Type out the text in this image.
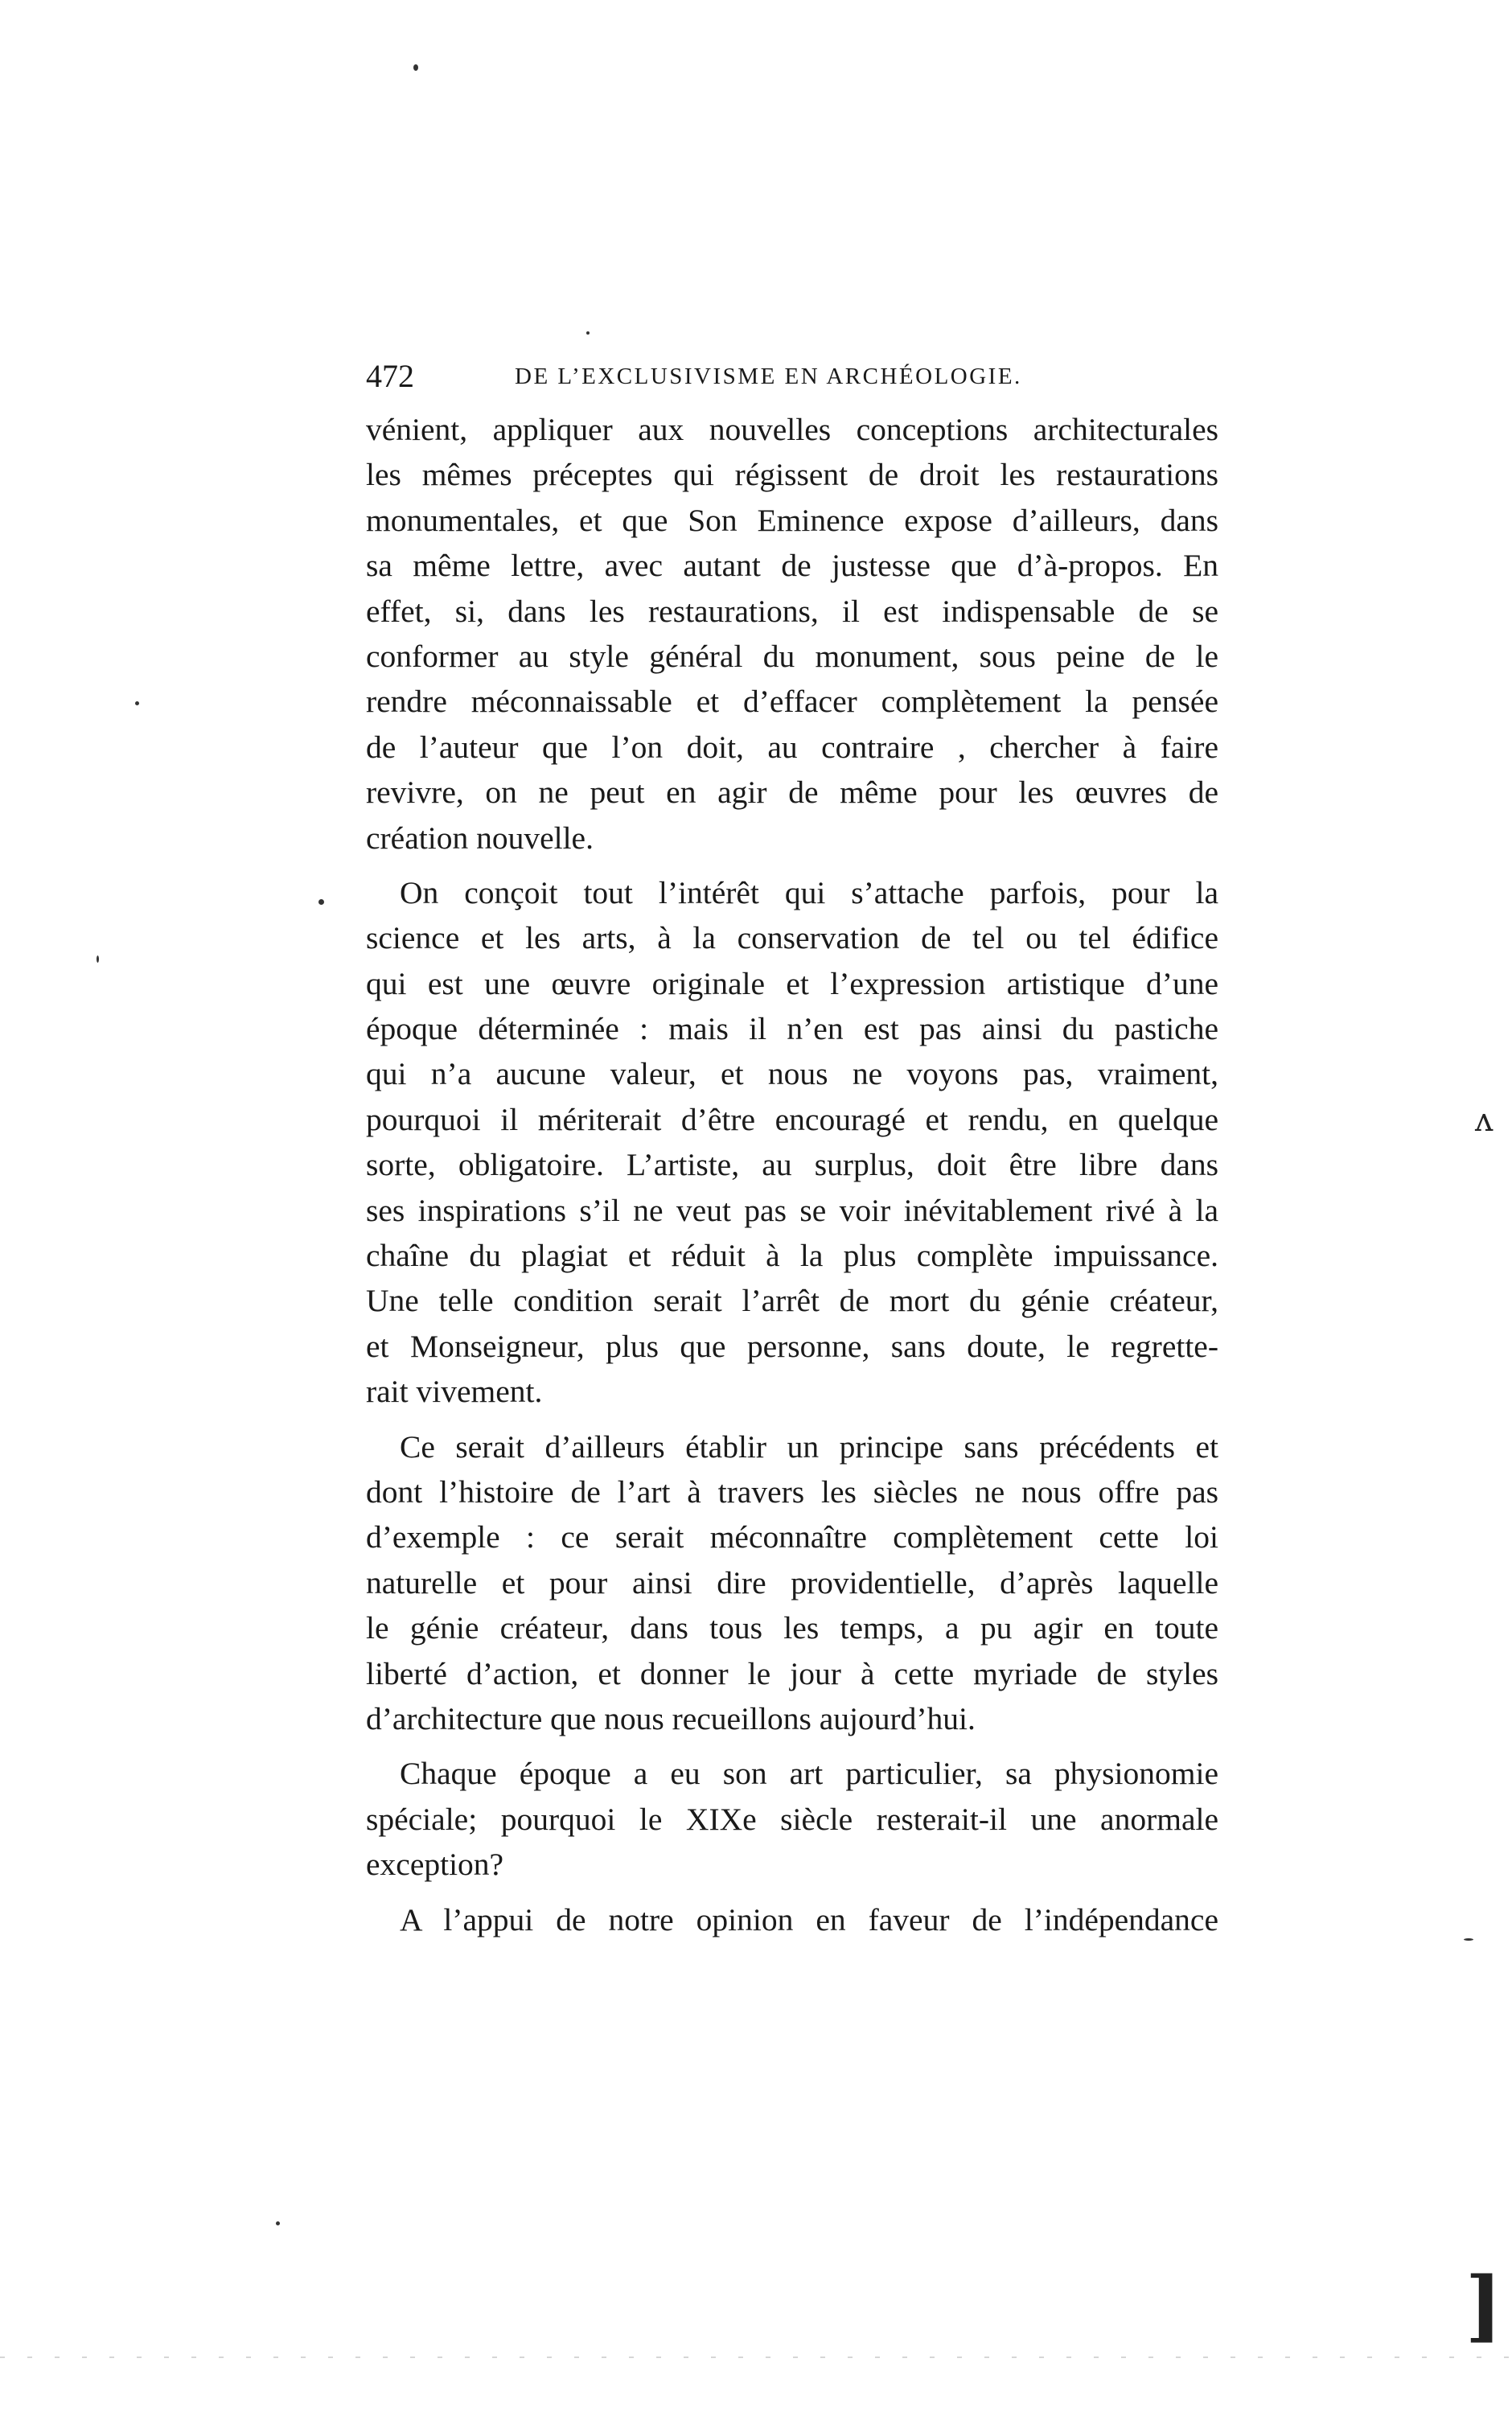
ʌ
]
472	DE L’EXCLUSIVISME EN ARCHÉOLOGIE.
vénient, appliquer aux nouvelles conceptions architecturales
les mêmes préceptes qui régissent de droit les restaurations
monumentales, et que Son Eminence expose d’ailleurs, dans
sa même lettre, avec autant de justesse que d’à-propos. En
effet, si, dans les restaurations, il est indispensable de se
conformer au style général du monument, sous peine de le
rendre méconnaissable et d’effacer complètement la pensée
de l’auteur que l’on doit, au contraire , chercher à faire
revivre, on ne peut en agir de même pour les œuvres de
création nouvelle.
On conçoit tout l’intérêt qui s’attache parfois, pour la
science et les arts, à la conservation de tel ou tel édifice
qui est une œuvre originale et l’expression artistique d’une
époque déterminée : mais il n’en est pas ainsi du pastiche
qui n’a aucune valeur, et nous ne voyons pas, vraiment,
pourquoi il mériterait d’être encouragé et rendu, en quelque
sorte, obligatoire. L’artiste, au surplus, doit être libre dans
ses inspirations s’il ne veut pas se voir inévitablement rivé à la
chaîne du plagiat et réduit à la plus complète impuissance.
Une telle condition serait l’arrêt de mort du génie créateur,
et Monseigneur, plus que personne, sans doute, le regrette-
rait vivement.
Ce serait d’ailleurs établir un principe sans précédents et
dont l’histoire de l’art à travers les siècles ne nous offre pas
d’exemple : ce serait méconnaître complètement cette loi
naturelle et pour ainsi dire providentielle, d’après laquelle
le génie créateur, dans tous les temps, a pu agir en toute
liberté d’action, et donner le jour à cette myriade de styles
d’architecture que nous recueillons aujourd’hui.
Chaque époque a eu son art particulier, sa physionomie
spéciale; pourquoi le XIXe siècle resterait-il une anormale
exception?
A l’appui de notre opinion en faveur de l’indépendance
